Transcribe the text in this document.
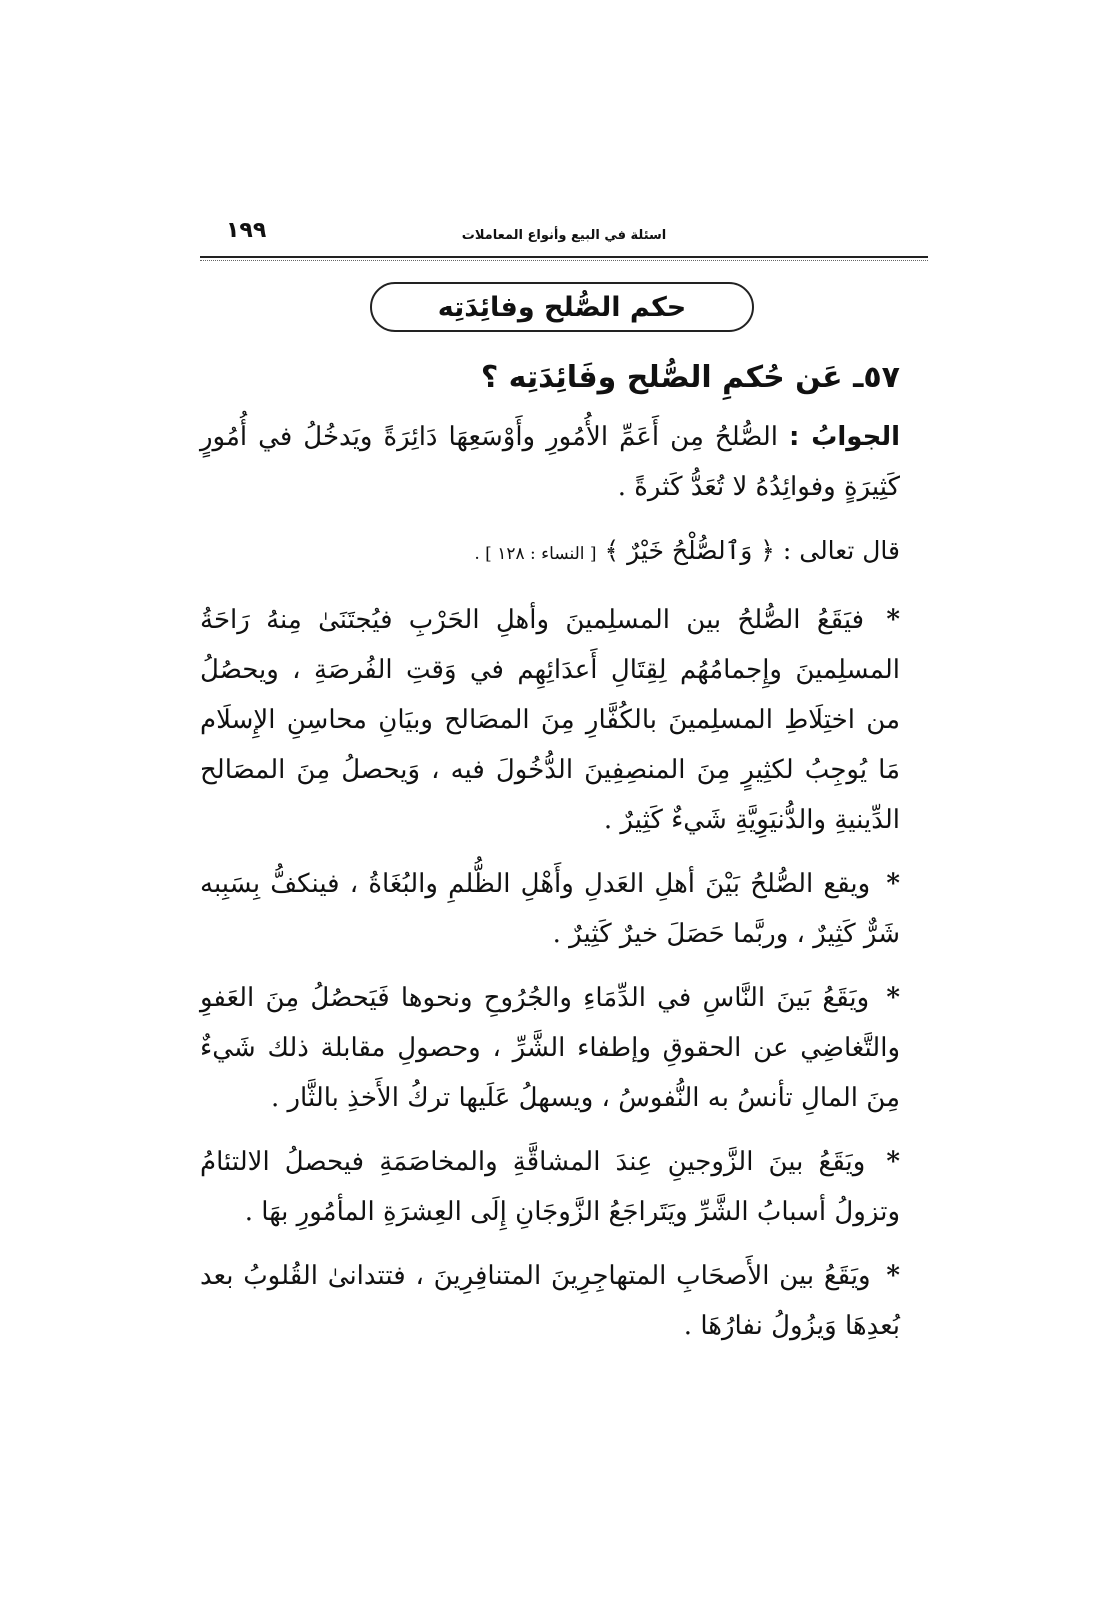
١٩٩	اسئلة في البيع وأنواع المعاملات
حكم الصُّلح وفائِدَتِه

٥٧ـ عَن حُكمِ الصُّلح وفَائِدَتِه ؟

الجوابُ : الصُّلحُ مِن أَعَمِّ الأُمُورِ وأَوْسَعِهَا دَائِرَةً ويَدخُلُ في أُمُورٍ كَثِيرَةٍ وفوائِدُهُ لا تُعَدُّ كَثرةً .

قال تعالى : ﴿ وَٱلصُّلْحُ خَيْرٌ ﴾ [ النساء : ١٢٨ ] .

* فيَقَعُ الصُّلحُ بين المسلِمينَ وأهلِ الحَرْبِ فيُجتَنَىٰ مِنهُ رَاحَةُ المسلِمينَ وإِجمامُهُم لِقِتَالِ أَعدَائِهِم في وَقتِ الفُرصَةِ ، ويحصُلُ من اختِلَاطِ المسلِمينَ بالكُفَّارِ مِنَ المصَالح وبيَانِ محاسِنِ الإِسلَام مَا يُوجِبُ لكثِيرٍ مِنَ المنصِفِينَ الدُّخُولَ فيه ، وَيحصلُ مِنَ المصَالح الدِّينيةِ والدُّنيَوِيَّةِ شَيءٌ كَثِيرٌ .

* ويقع الصُّلحُ بَيْنَ أهلِ العَدلِ وأَهْلِ الظُّلمِ والبُغَاةُ ، فينكفُّ بِسَبِبه شَرٌّ كَثِيرٌ ، وربَّما حَصَلَ خيرٌ كَثِيرٌ .

* ويَقَعُ بَينَ النَّاسِ في الدِّمَاءِ والجُرُوحِ ونحوها فَيَحصُلُ مِنَ العَفوِ والتَّغاضِي عن الحقوقِ وإطفاء الشَّرِّ ، وحصولِ مقابلة ذلك شَيءٌ مِنَ المالِ تأنسُ به النُّفوسُ ، ويسهلُ عَلَيها تركُ الأَخذِ بالثَّار .

* ويَقَعُ بينَ الزَّوجينِ عِندَ المشاقَّةِ والمخاصَمَةِ فيحصلُ الالتئامُ وتزولُ أسبابُ الشَّرِّ ويَتَراجَعُ الزَّوجَانِ إِلَى العِشرَةِ المأمُورِ بهَا .

* ويَقَعُ بين الأَصحَابِ المتهاجِرِينَ المتنافِرِينَ ، فتتدانىٰ القُلوبُ بعد بُعدِهَا وَيزُولُ نفارُهَا .
